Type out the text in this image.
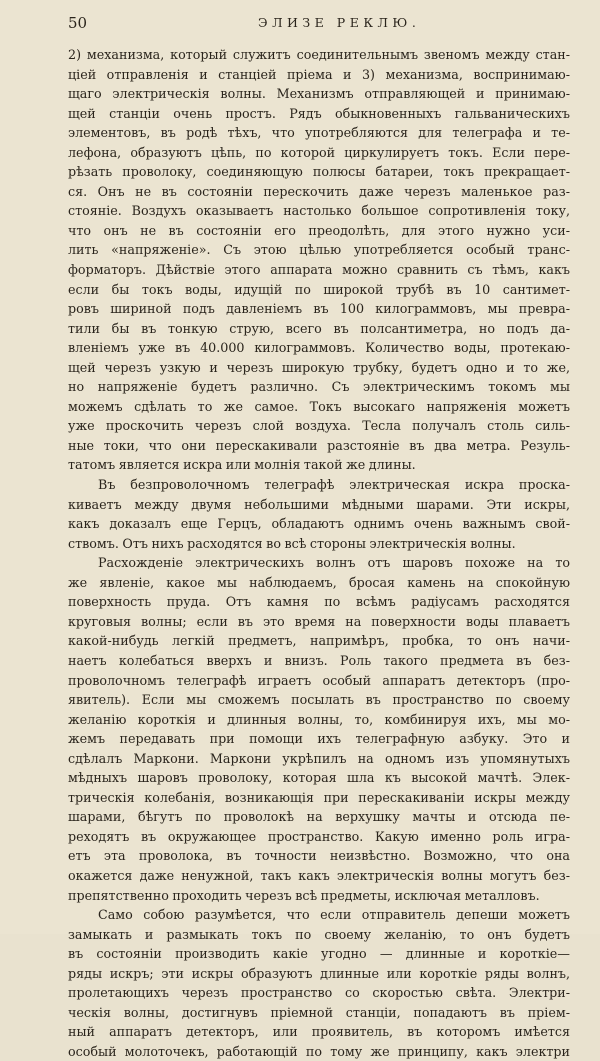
50	ЭЛИЗЕ РЕКЛЮ.
2) механизма, который служитъ соединительнымъ звеномъ между стан-
цiей отправленiя и станцiей прiема и 3) механизма, воспринимаю-
щаго электрическiя волны. Механизмъ отправляющей и принимаю-
щей станцiи очень простъ. Рядъ обыкновенныхъ гальваническихъ
элементовъ, въ родѣ тѣхъ, что употребляются для телеграфа и те-
лефона, образуютъ цѣпь, по которой циркулируетъ токъ. Если пере-
рѣзать проволоку, соединяющую полюсы батареи, токъ прекращает-
ся. Онъ не въ состоянiи перескочить даже черезъ маленькое раз-
стоянiе. Воздухъ оказываетъ настолько большое сопротивленiя току,
что онъ не въ состоянiи его преодолѣть, для этого нужно уси-
лить «напряженiе». Съ этою цѣлью употребляется особый транс-
форматоръ. Дѣйствiе этого аппарата можно сравнить съ тѣмъ, какъ
если бы токъ воды, идущiй по широкой трубѣ въ 10 сантимет-
ровъ шириной подъ давленiемъ въ 100 килограммовъ, мы превра-
тили бы въ тонкую струю, всего въ полсантиметра, но подъ да-
вленiемъ уже въ 40.000 килограммовъ. Количество воды, протекаю-
щей черезъ узкую и черезъ широкую трубку, будетъ одно и то же,
но напряженiе будетъ различно. Съ электрическимъ токомъ мы
можемъ сдѣлать то же самое. Токъ высокаго напряженiя можетъ
уже проскочить черезъ слой воздуха. Тесла получалъ столь силь-
ные токи, что они перескакивали разстоянiе въ два метра. Резуль-
татомъ является искра или молнiя такой же длины.
Въ безпроволочномъ телеграфѣ электрическая искра проска-
киваетъ между двумя небольшими мѣдными шарами. Эти искры,
какъ доказалъ еще Герцъ, обладаютъ однимъ очень важнымъ свой-
ствомъ. Отъ нихъ расходятся во всѣ стороны электрическiя волны.
Расхожденiе электрическихъ волнъ отъ шаровъ похоже на то
же явленiе, какое мы наблюдаемъ, бросая камень на спокойную
поверхность пруда. Отъ камня по всѣмъ радiусамъ расходятся
круговыя волны; если въ это время на поверхности воды плаваетъ
какой-нибудь легкiй предметъ, напримѣръ, пробка, то онъ начи-
наетъ колебаться вверхъ и внизъ. Роль такого предмета въ без-
проволочномъ телеграфѣ играетъ особый аппаратъ детекторъ (про-
явитель). Если мы сможемъ посылать въ пространство по своему
желанiю короткiя и длинныя волны, то, комбинируя ихъ, мы мо-
жемъ передавать при помощи ихъ телеграфную азбуку. Это и
сдѣлалъ Маркони. Маркони укрѣпилъ на одномъ изъ упомянутыхъ
мѣдныхъ шаровъ проволоку, которая шла къ высокой мачтѣ. Элек-
трическiя колебанiя, возникающiя при перескакиванiи искры между
шарами, бѣгутъ по проволокѣ на верхушку мачты и отсюда пе-
реходятъ въ окружающее пространство. Какую именно роль игра-
етъ эта проволока, въ точности неизвѣстно. Возможно, что она
окажется даже ненужной, такъ какъ электрическiя волны могутъ без-
препятственно проходить черезъ всѣ предметы, исключая металловъ.
Само собою разумѣется, что если отправитель депеши можетъ
замыкать и размыкать токъ по своему желанiю, то онъ будетъ
въ состоянiи производить какiе угодно — длинные и короткiе—
ряды искръ; эти искры образуютъ длинные или короткiе ряды волнъ,
пролетающихъ черезъ пространство со скоростью свѣта. Электри-
ческiя волны, достигнувъ прiемной станцiи, попадаютъ въ прiем-
ный аппаратъ детекторъ, или проявитель, въ которомъ имѣется
особый молоточекъ, работающiй по тому же принципу, какъ электри
